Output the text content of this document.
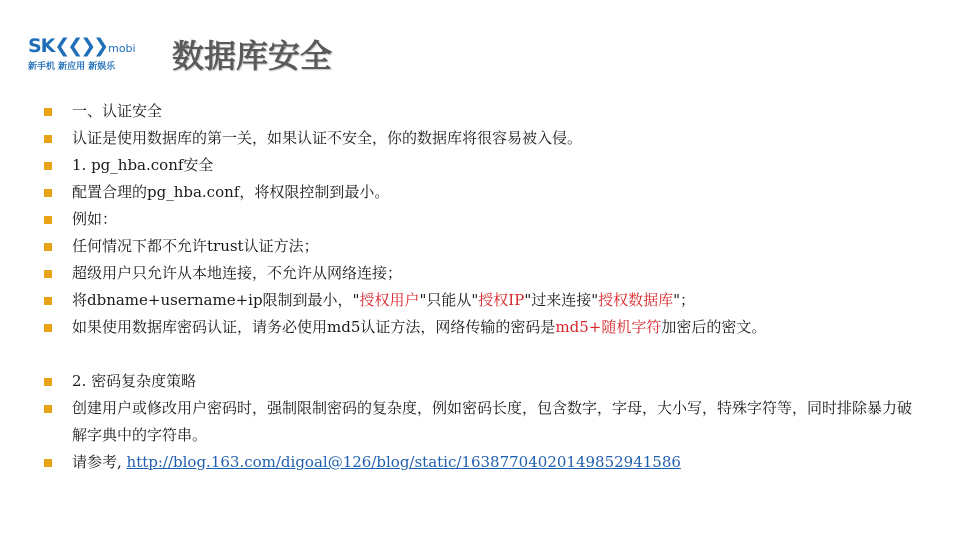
SK❮❮❯❯ mobi
新手机 新应用 新娱乐 数据库安全
一、认证安全
认证是使用数据库的第一关，如果认证不安全，你的数据库将很容易被入侵。
1. pg_hba.conf安全
配置合理的pg_hba.conf，将权限控制到最小。
例如：
任何情况下都不允许trust认证方法；
超级用户只允许从本地连接，不允许从网络连接；
将dbname+username+ip限制到最小，"授权用户"只能从"授权IP"过来连接"授权数据库"；
如果使用数据库密码认证，请务必使用md5认证方法，网络传输的密码是md5+随机字符加密后的密文。
2. 密码复杂度策略
创建用户或修改用户密码时，强制限制密码的复杂度，例如密码长度，包含数字，字母，大小写，特殊字符等，同时排除暴力破解字典中的字符串。
请参考, http://blog.163.com/digoal@126/blog/static/163877040201498529415​86
